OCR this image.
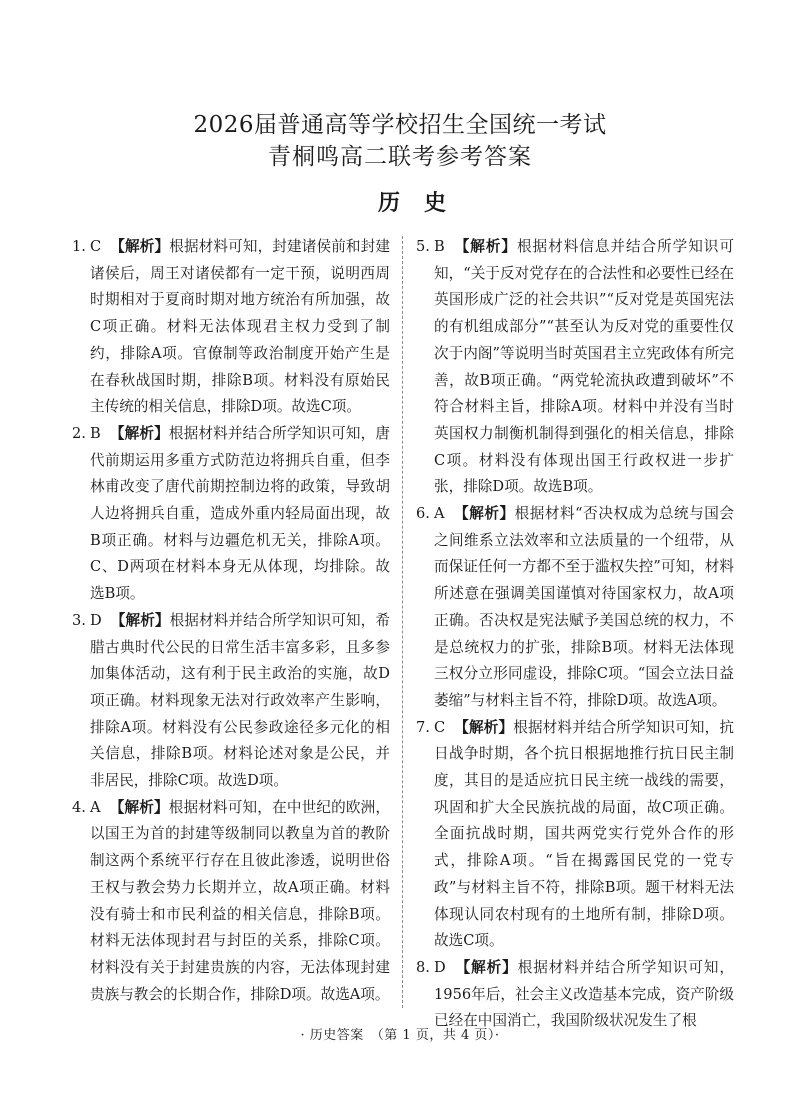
2026届普通高等学校招生全国统一考试
青桐鸣高二联考参考答案
历史

1. C 【解析】根据材料可知，封建诸侯前和封建诸侯后，周王对诸侯都有一定干预，说明西周时期相对于夏商时期对地方统治有所加强，故C项正确。材料无法体现君主权力受到了制约，排除A项。官僚制等政治制度开始产生是在春秋战国时期，排除B项。材料没有原始民主传统的相关信息，排除D项。故选C项。

2. B 【解析】根据材料并结合所学知识可知，唐代前期运用多重方式防范边将拥兵自重，但李林甫改变了唐代前期控制边将的政策，导致胡人边将拥兵自重，造成外重内轻局面出现，故B项正确。材料与边疆危机无关，排除A项。C、D两项在材料本身无从体现，均排除。故选B项。

3. D 【解析】根据材料并结合所学知识可知，希腊古典时代公民的日常生活丰富多彩，且多参加集体活动，这有利于民主政治的实施，故D项正确。材料现象无法对行政效率产生影响，排除A项。材料没有公民参政途径多元化的相关信息，排除B项。材料论述对象是公民，并非居民，排除C项。故选D项。

4. A 【解析】根据材料可知，在中世纪的欧洲，以国王为首的封建等级制同以教皇为首的教阶制这两个系统平行存在且彼此渗透，说明世俗王权与教会势力长期并立，故A项正确。材料没有骑士和市民利益的相关信息，排除B项。材料无法体现封君与封臣的关系，排除C项。材料没有关于封建贵族的内容，无法体现封建贵族与教会的长期合作，排除D项。故选A项。

5. B 【解析】根据材料信息并结合所学知识可知，“关于反对党存在的合法性和必要性已经在英国形成广泛的社会共识”“反对党是英国宪法的有机组成部分”“甚至认为反对党的重要性仅次于内阁”等说明当时英国君主立宪政体有所完善，故B项正确。“两党轮流执政遭到破坏”不符合材料主旨，排除A项。材料中并没有当时英国权力制衡机制得到强化的相关信息，排除C项。材料没有体现出国王行政权进一步扩张，排除D项。故选B项。

6. A 【解析】根据材料“否决权成为总统与国会之间维系立法效率和立法质量的一个纽带，从而保证任何一方都不至于滥权失控”可知，材料所述意在强调美国谨慎对待国家权力，故A项正确。否决权是宪法赋予美国总统的权力，不是总统权力的扩张，排除B项。材料无法体现三权分立形同虚设，排除C项。“国会立法日益萎缩”与材料主旨不符，排除D项。故选A项。

7. C 【解析】根据材料并结合所学知识可知，抗日战争时期，各个抗日根据地推行抗日民主制度，其目的是适应抗日民主统一战线的需要，巩固和扩大全民族抗战的局面，故C项正确。全面抗战时期，国共两党实行党外合作的形式，排除A项。“旨在揭露国民党的一党专政”与材料主旨不符，排除B项。题干材料无法体现认同农村现有的土地所有制，排除D项。故选C项。

8. D 【解析】根据材料并结合所学知识可知，1956年后，社会主义改造基本完成，资产阶级已经在中国消亡，我国阶级状况发生了根

· 历史答案　（第 1 页，共 4 页）·
